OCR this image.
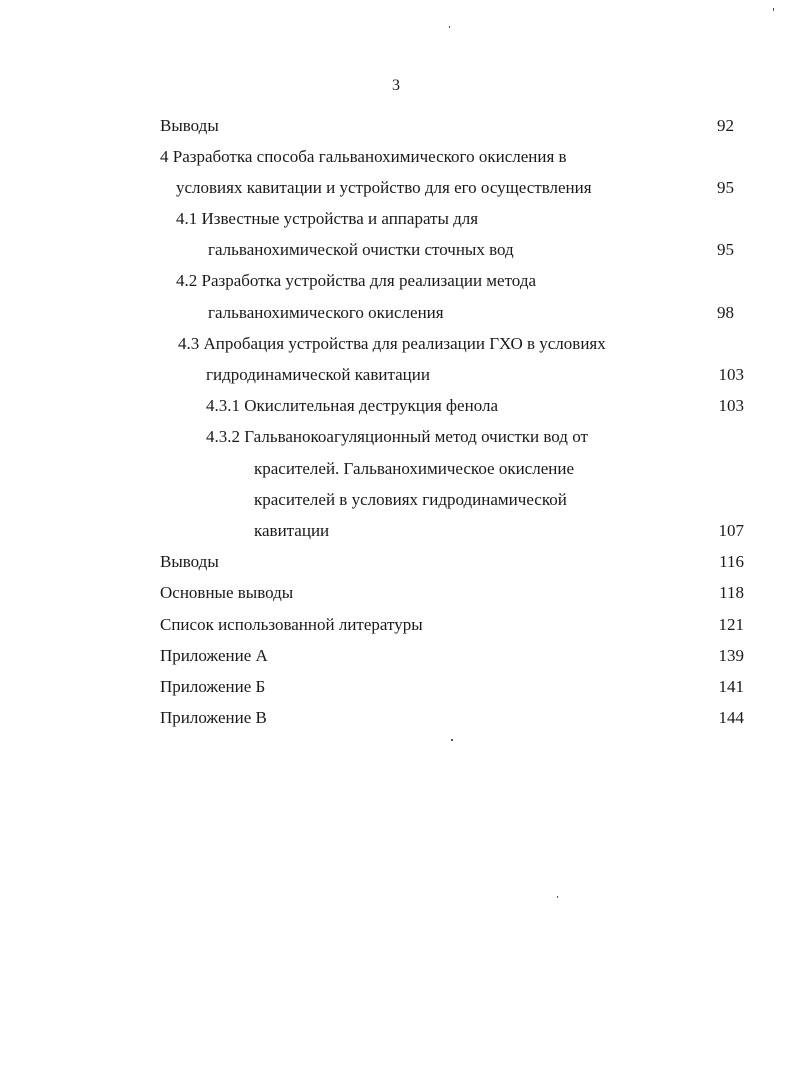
3
Выводы	92
4 Разработка способа гальванохимического окисления в
условиях кавитации и устройство для его осуществления	95
4.1 Известные устройства и аппараты для
гальванохимической очистки сточных вод	95
4.2 Разработка устройства для реализации метода
гальванохимического окисления	98
4.3 Апробация устройства для реализации ГХО в условиях
гидродинамической кавитации	103
4.3.1 Окислительная деструкция фенола	103
4.3.2 Гальванокоагуляционный метод очистки вод от
красителей. Гальванохимическое окисление
красителей в условиях гидродинамической
кавитации	107
Выводы	116
Основные выводы	118
Список использованной литературы	121
Приложение А	139
Приложение Б	141
Приложение В	144
